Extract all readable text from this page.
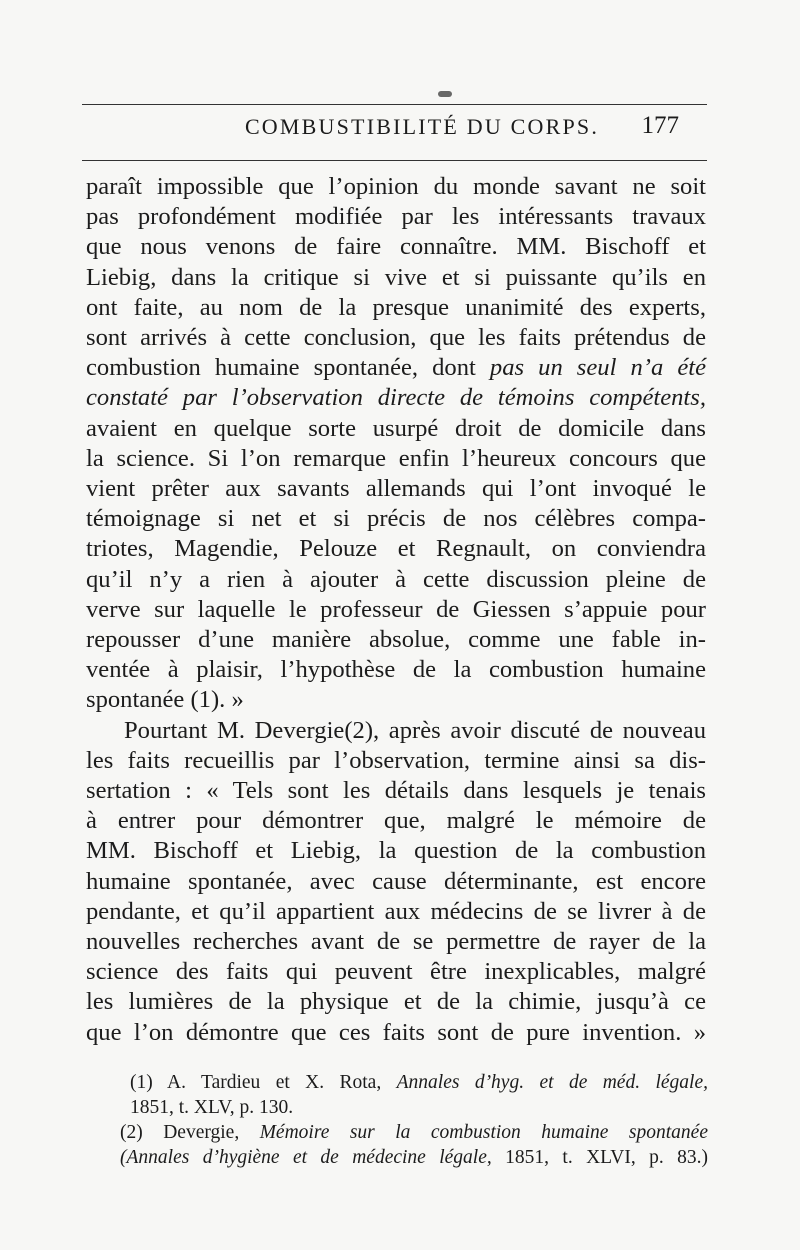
COMBUSTIBILITÉ DU CORPS.	177
paraît impossible que l’opinion du monde savant ne soit
pas profondément modifiée par les intéressants travaux
que nous venons de faire connaître. MM. Bischoff et
Liebig, dans la critique si vive et si puissante qu’ils en
ont faite, au nom de la presque unanimité des experts,
sont arrivés à cette conclusion, que les faits prétendus de
combustion humaine spontanée, dont pas un seul n’a été
constaté par l’observation directe de témoins compétents,
avaient en quelque sorte usurpé droit de domicile dans
la science. Si l’on remarque enfin l’heureux concours que
vient prêter aux savants allemands qui l’ont invoqué le
témoignage si net et si précis de nos célèbres compa-
triotes, Magendie, Pelouze et Regnault, on conviendra
qu’il n’y a rien à ajouter à cette discussion pleine de
verve sur laquelle le professeur de Giessen s’appuie pour
repousser d’une manière absolue, comme une fable in-
ventée à plaisir, l’hypothèse de la combustion humaine
spontanée (1). »
Pourtant M. Devergie(2), après avoir discuté de nouveau
les faits recueillis par l’observation, termine ainsi sa dis-
sertation : « Tels sont les détails dans lesquels je tenais
à entrer pour démontrer que, malgré le mémoire de
MM. Bischoff et Liebig, la question de la combustion
humaine spontanée, avec cause déterminante, est encore
pendante, et qu’il appartient aux médecins de se livrer à de
nouvelles recherches avant de se permettre de rayer de la
science des faits qui peuvent être inexplicables, malgré
les lumières de la physique et de la chimie, jusqu’à ce
que l’on démontre que ces faits sont de pure invention. »
(1) A. Tardieu et X. Rota, Annales d’hyg. et de méd. légale,
1851, t. XLV, p. 130.
(2) Devergie, Mémoire sur la combustion humaine spontanée
(Annales d’hygiène et de médecine légale, 1851, t. XLVI, p. 83.)
